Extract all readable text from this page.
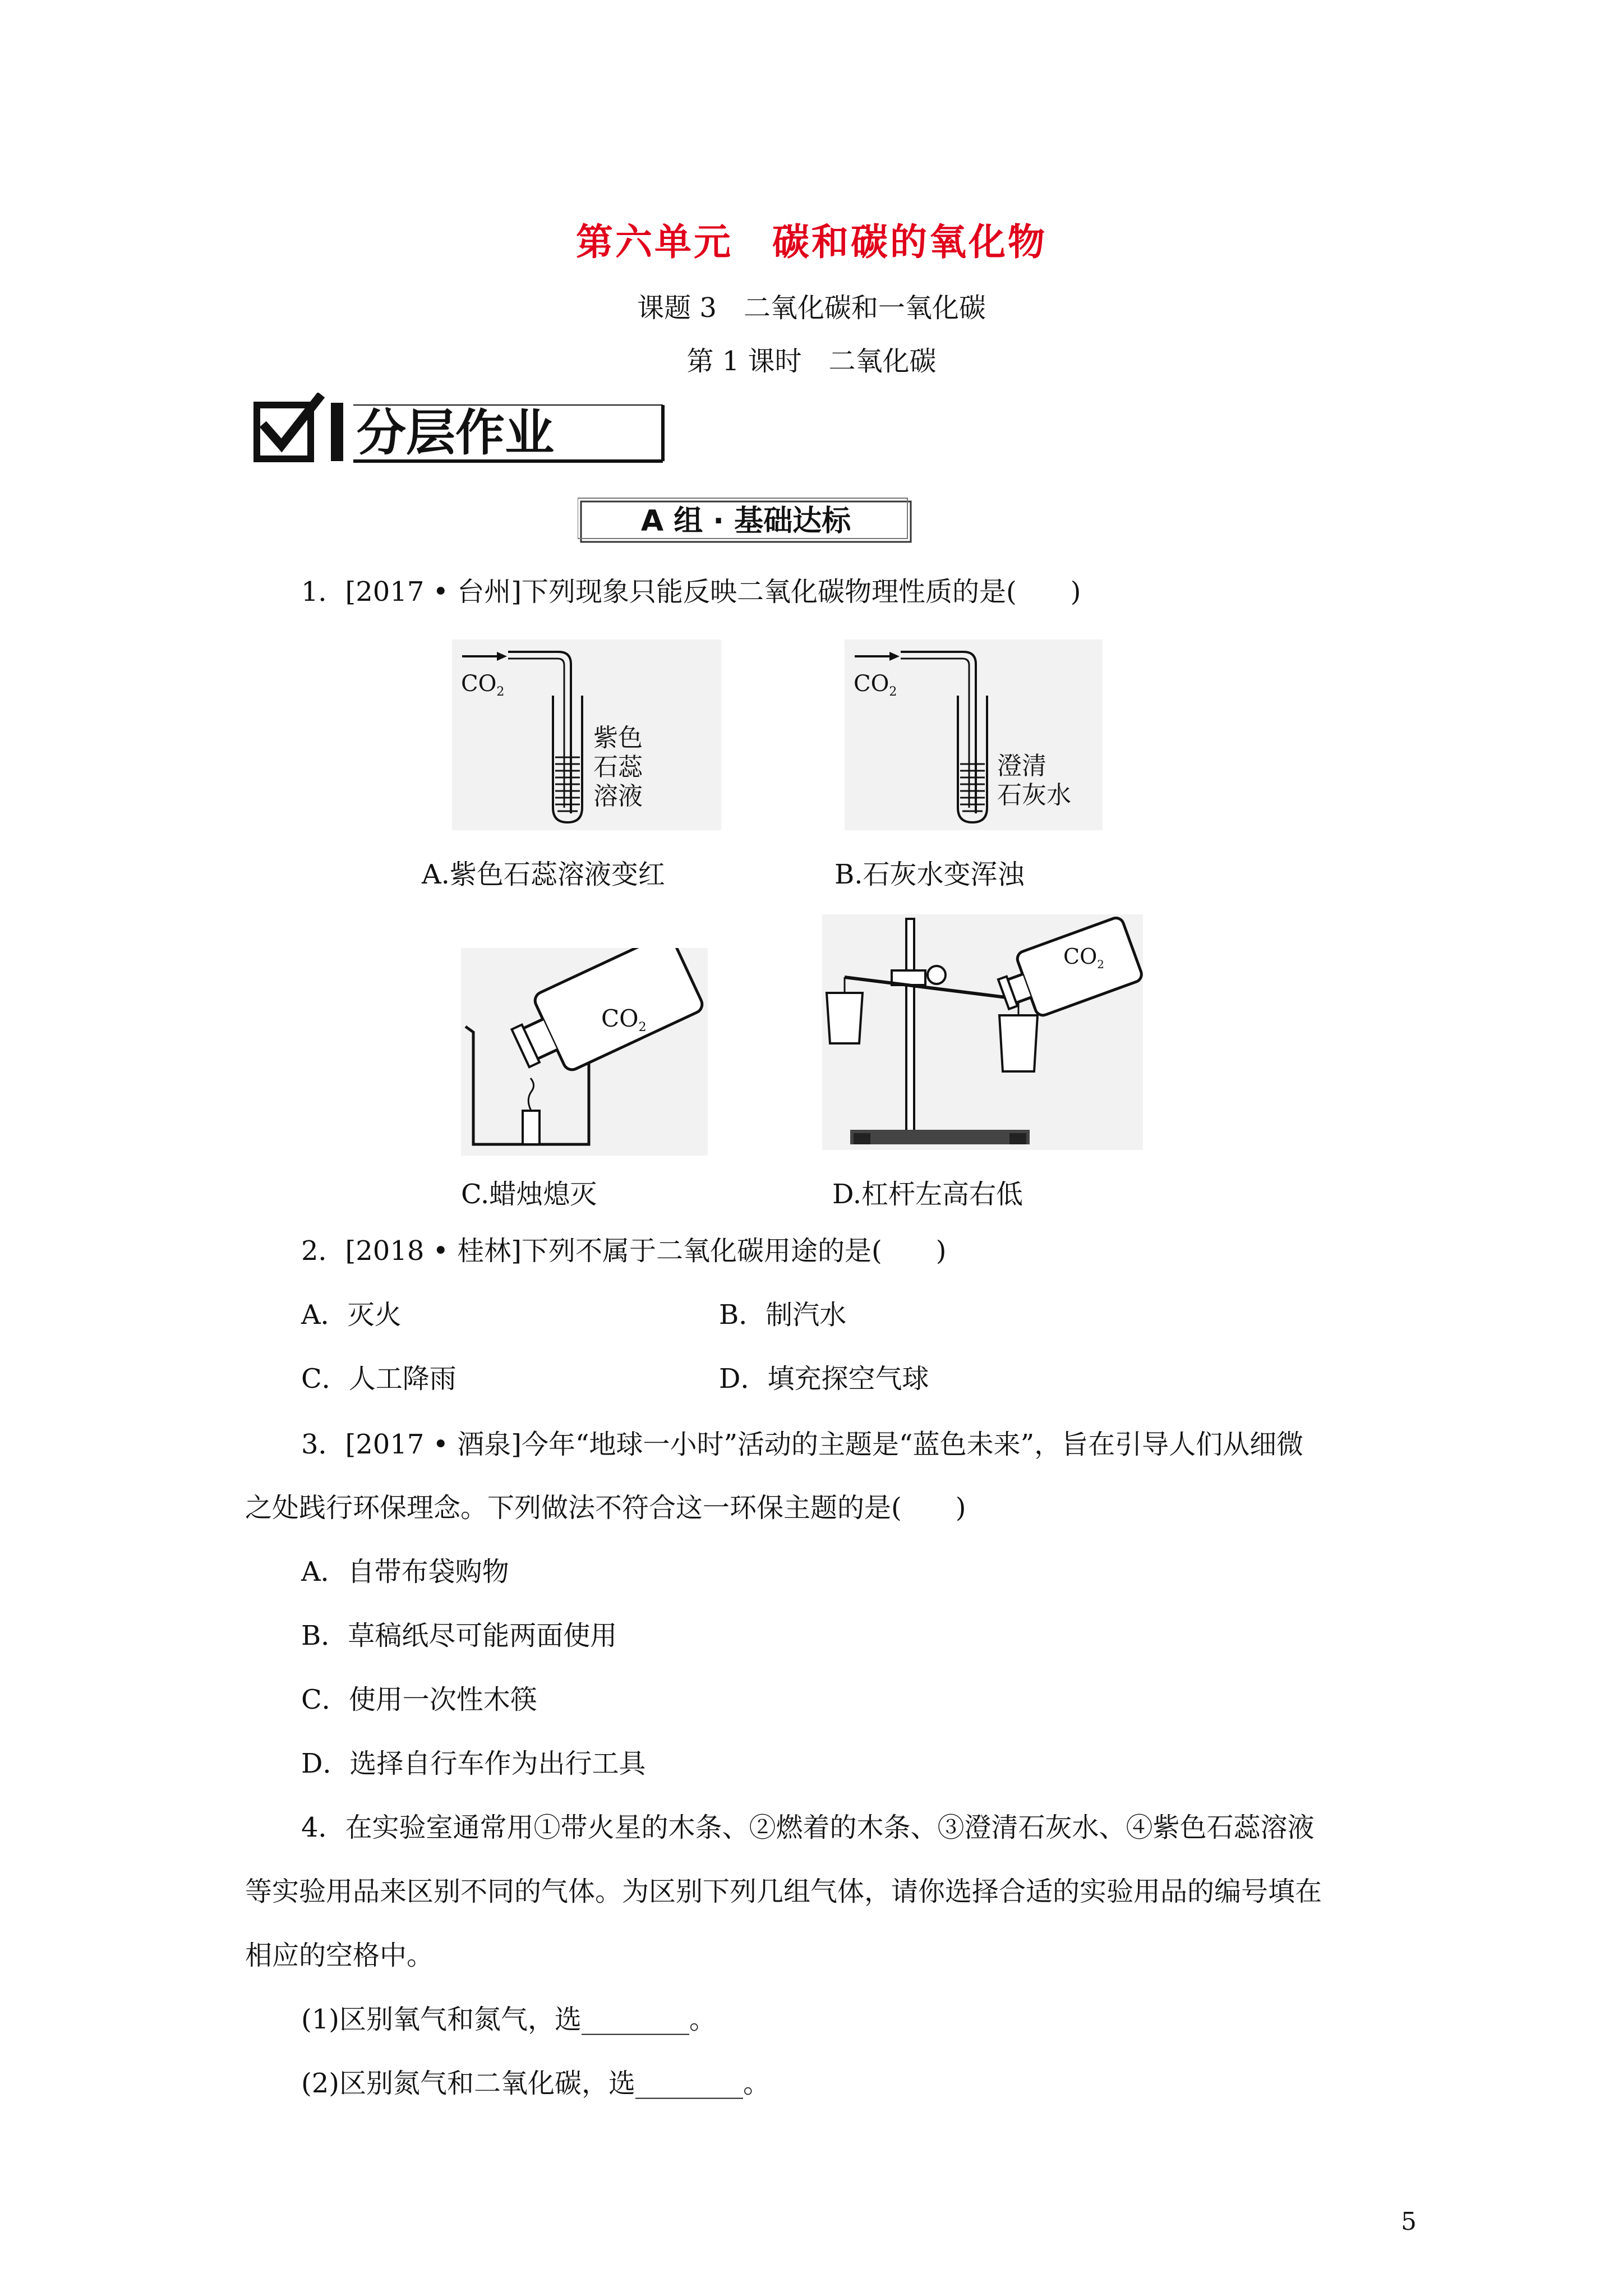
第六单元　碳和碳的氧化物
课题 3　二氧化碳和一氧化碳
第 1 课时　二氧化碳
分层作业
A 组 · 基础达标
1．[2017 • 台州]下列现象只能反映二氧化碳物理性质的是(　　)
$CO_2$
紫色
石蕊
溶液
$CO_2$
澄清
石灰水
A.紫色石蕊溶液变红	B.石灰水变浑浊
CO2
$CO_2$
C.蜡烛熄灭	D.杠杆左高右低
2．[2018 • 桂林]下列不属于二氧化碳用途的是(　　)
A．灭火	B．制汽水
C．人工降雨	D．填充探空气球
3．[2017 • 酒泉]今年“地球一小时”活动的主题是“蓝色未来”，旨在引导人们从细微
之处践行环保理念。下列做法不符合这一环保主题的是(　　)
A．自带布袋购物
B．草稿纸尽可能两面使用
C．使用一次性木筷
D．选择自行车作为出行工具
4．在实验室通常用①带火星的木条、②燃着的木条、③澄清石灰水、④紫色石蕊溶液
等实验用品来区别不同的气体。为区别下列几组气体，请你选择合适的实验用品的编号填在
相应的空格中。
(1)区别氧气和氮气，选________。
(2)区别氮气和二氧化碳，选________。
5
